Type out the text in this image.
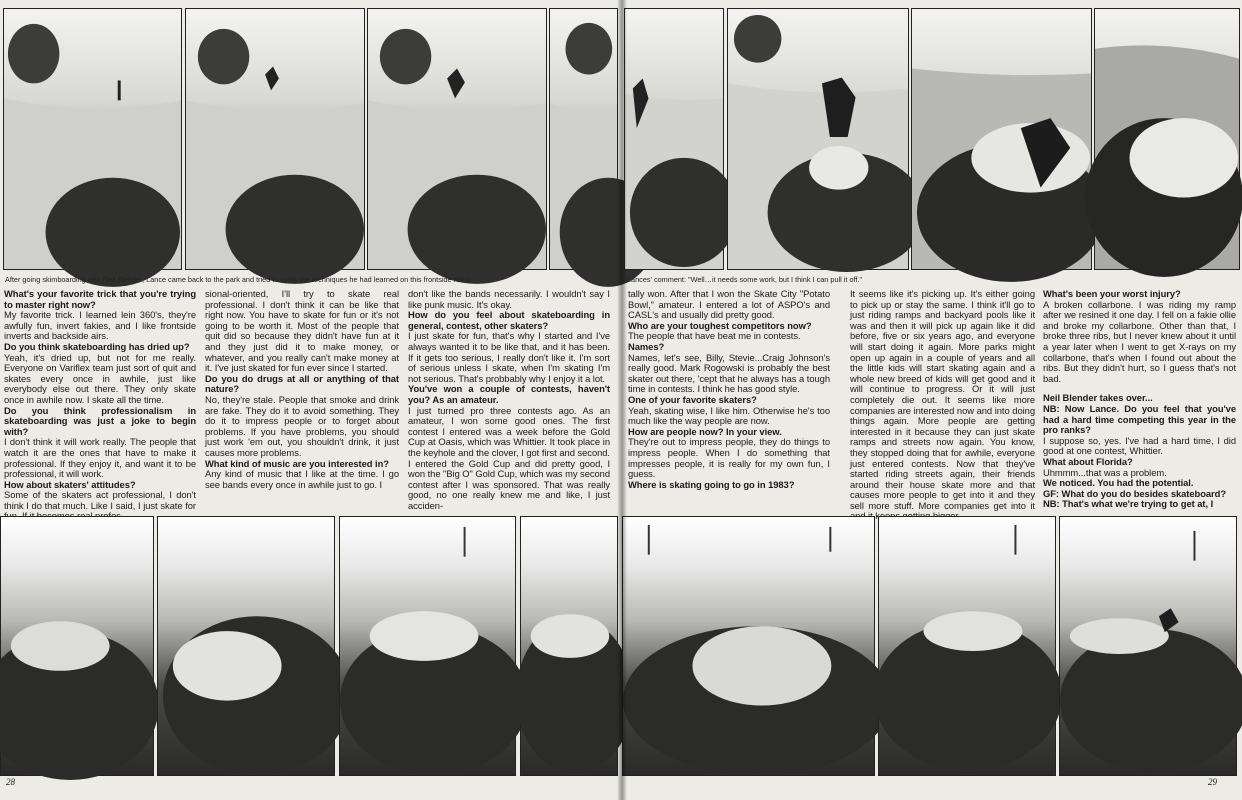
After going skimboarding with Neil Blender, Lance came back to the park and tried to apply the techniques he had learned on this frontside roll-in.	Lances' comment: "Well…it needs some work, but I think I can pull it off."

What's your favorite trick that you're trying to master right now?

My favorite trick. I learned lein 360's, they're awfully fun, invert fakies, and I like frontside inverts and backside airs.

Do you think skateboarding has dried up?

Yeah, it's dried up, but not for me really. Everyone on Variflex team just sort of quit and skates every once in awhile, just like everybody else out there. They only skate once in awhile now. I skate all the time.

Do you think professionalism in skateboarding was just a joke to begin with?

I don't think it will work really. The people that watch it are the ones that have to make it professional. If they enjoy it, and want it to be professional, it will work.

How about skaters' attitudes?

Some of the skaters act professional, I don't think I do that much. Like I said, I just skate for

sional-oriented, I'll try to skate real professional. I don't think it can be like that right now. You have to skate for fun or it's not going to be worth it. Most of the people that quit did so because they didn't have fun at it and they just did it to make money, or whatever, and you really can't make money at it. I've just skated for fun ever since I started.

Do you do drugs at all or anything of that nature?

No, they're stale. People that smoke and drink are fake. They do it to avoid something. They do it to impress people or to forget about problems. If you have problems, you should just work 'em out, you shouldn't drink, it just causes more problems.

What kind of music are you interested in?

Any kind of music that I like at the time. I go see bands every once in awhile just to go. I

don't like the bands necessarily. I wouldn't say I like punk music. It's okay.

How do you feel about skateboarding in general, contest, other skaters?

I just skate for fun, that's why I started and I've always wanted it to be like that, and it has been. If it gets too serious, I really don't like it. I'm sort of serious unless I skate, when I'm skating I'm not serious. That's probbably why I enjoy it a lot.

You've won a couple of contests, haven't you? As an amateur.

I just turned pro three contests ago. As an amateur, I won some good ones. The first contest I entered was a week before the Gold Cup at Oasis, which was Whittier. It took place in the keyhole and the clover, I got first and second. I entered the Gold Cup and did pretty good, I won the "Big O" Gold Cup, which was my second contest after I was sponsored. That was really good, no one really knew me and like, I just acciden-

tally won. After that I won the Skate City "Potato Bowl," amateur. I entered a lot of ASPO's and CASL's and usually did pretty good.

Who are your toughest competitors now?

The people that have beat me in contests.

Names?

Names, let's see, Billy, Stevie...Craig Johnson's really good. Mark Rogowski is probably the best skater out there, 'cept that he always has a tough time in contests. I think he has good style.

One of your favorite skaters?

Yeah, skating wise, I like him. Otherwise he's too much like the way people are now.

How are people now? In your view.

They're out to impress people, they do things to impress people. When I do something that impresses people, it is really for my own fun, I guess.

Where is skating going to go in 1983?

It seems like it's picking up. It's either going to pick up or stay the same. I think it'll go to just riding ramps and backyard pools like it was and then it will pick up again like it did before, five or six years ago, and everyone will start doing it again. More parks might open up again in a couple of years and all the little kids will start skating again and a whole new breed of kids will get good and it will continue to progress. Or it will just completely die out. It seems like more companies are interested now and into doing things again. More people are getting interested in it because they can just skate ramps and streets now again. You know, they stopped doing that for awhile, everyone just entered contests. Now that they've started riding streets again, their friends around their house skate more and that causes more people to get into it and they sell more stuff. More companies get into it

What's been your worst injury?

A broken collarbone. I was riding my ramp after we resined it one day. I fell on a fakie ollie and broke my collarbone. Other than that, I broke three ribs, but I never knew about it until a year later when I went to get X-rays on my collarbone, that's when I found out about the ribs. But they didn't hurt, so I guess that's not bad.

Neil Blender takes over...

NB: Now Lance. Do you feel that you've had a hard time competing this year in the pro ranks?

I suppose so, yes. I've had a hard time, I did good at one contest, Whittier.

What about Florida?

Uhmmm...that was a problem.

We noticed. You had the potential.

GF: What do you do besides skateboard?

NB: That's what we're trying to get at, I

28	29
